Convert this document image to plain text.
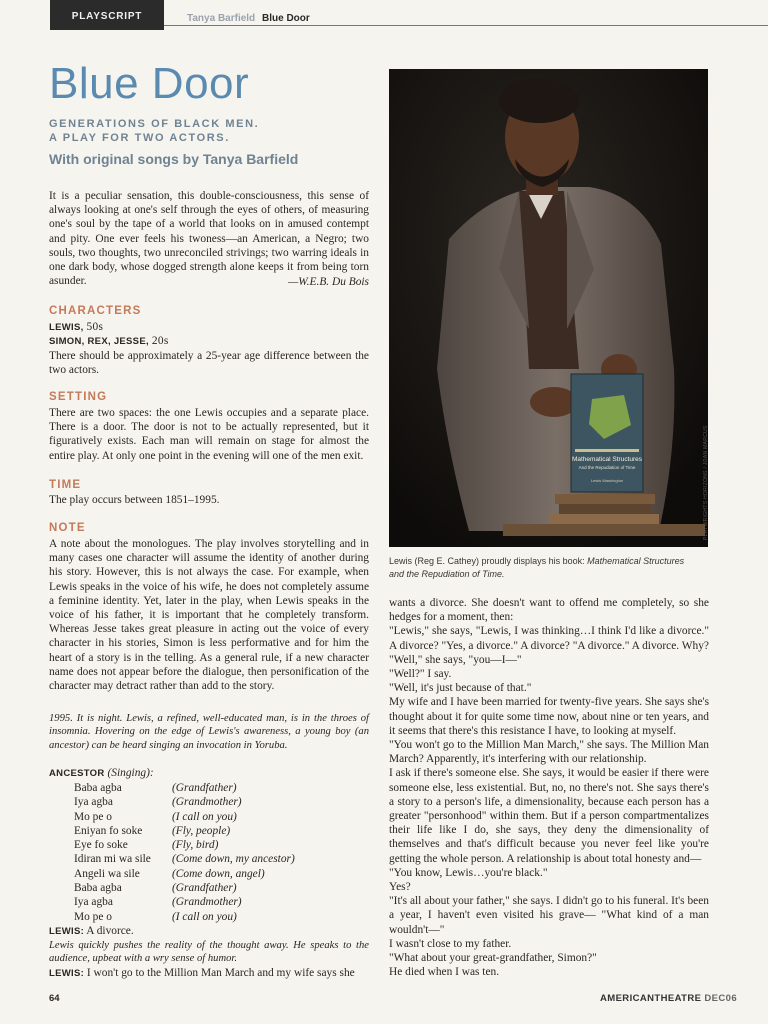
PLAYSCRIPT	Tanya Barfield Blue Door
Blue Door
GENERATIONS OF BLACK MEN.
A PLAY FOR TWO ACTORS.
With original songs by Tanya Barfield
It is a peculiar sensation, this double-consciousness, this sense of always looking at one's self through the eyes of others, of measuring one's soul by the tape of a world that looks on in amused contempt and pity. One ever feels his twoness—an American, a Negro; two souls, two thoughts, two unreconciled strivings; two warring ideals in one dark body, whose dogged strength alone keeps it from being torn asunder.	—W.E.B. Du Bois
CHARACTERS
LEWIS, 50s
SIMON, REX, JESSE, 20s
There should be approximately a 25-year age difference between the two actors.
SETTING
There are two spaces: the one Lewis occupies and a separate place. There is a door. The door is not to be actually represented, but it figuratively exists. Each man will remain on stage for almost the entire play. At only one point in the evening will one of the men exit.
TIME
The play occurs between 1851–1995.
NOTE
A note about the monologues. The play involves storytelling and in many cases one character will assume the identity of another during his story. However, this is not always the case. For example, when Lewis speaks in the voice of his wife, he does not completely assume a feminine identity. Yet, later in the play, when Lewis speaks in the voice of his father, it is important that he completely transform. Whereas Jesse takes great pleasure in acting out the voice of every character in his stories, Simon is less performative and for him the heart of a story is in the telling. As a general rule, if a new character name does not appear before the dialogue, then personification of the character may detract rather than add to the story.
1995. It is night. Lewis, a refined, well-educated man, is in the throes of insomnia. Hovering on the edge of Lewis's awareness, a young boy (an ancestor) can be heard singing an invocation in Yoruba.
ANCESTOR (Singing):
Baba agba	(Grandfather)
Iya agba	(Grandmother)
Mo pe o	(I call on you)
Eniyan fo soke	(Fly, people)
Eye fo soke	(Fly, bird)
Idiran mi wa sile (Come down, my ancestor)
Angeli wa sile	(Come down, angel)
Baba agba	(Grandfather)
Iya agba	(Grandmother)
Mo pe o	(I call on you)
LEWIS: A divorce.
Lewis quickly pushes the reality of the thought away. He speaks to the audience, upbeat with a wry sense of humor.
LEWIS: I won't go to the Million Man March and my wife says she
Mathematical Structures
And the Repudiation of Time
Lewis Washington	PLAYWRIGHTS HORIZONS / JOAN MARCUS
Lewis (Reg E. Cathey) proudly displays his book: Mathematical Structures and the Repudiation of Time.
wants a divorce. She doesn't want to offend me completely, so she hedges for a moment, then:
"Lewis," she says, "Lewis, I was thinking…I think I'd like a divorce." A divorce? "Yes, a divorce." A divorce? "A divorce." A divorce. Why?
"Well," she says, "you—I—"
"Well?" I say.
"Well, it's just because of that."
My wife and I have been married for twenty-five years. She says she's thought about it for quite some time now, about nine or ten years, and it seems that there's this resistance I have, to looking at myself.
"You won't go to the Million Man March," she says. The Million Man March? Apparently, it's interfering with our relationship.
I ask if there's someone else. She says, it would be easier if there were someone else, less existential. But, no, no there's not. She says there's a story to a person's life, a dimensionality, because each person has a greater "personhood" within them. But if a person compartmentalizes their life like I do, she says, they deny the dimensionality of themselves and that's difficult because you never feel like you're getting the whole person. A relationship is about total honesty and—
"You know, Lewis…you're black."
Yes?
"It's all about your father," she says. I didn't go to his funeral. It's been a year, I haven't even visited his grave— "What kind of a man wouldn't—"
I wasn't close to my father.
"What about your great-grandfather, Simon?"
He died when I was ten.
64	AMERICANTHEATRE DEC06
